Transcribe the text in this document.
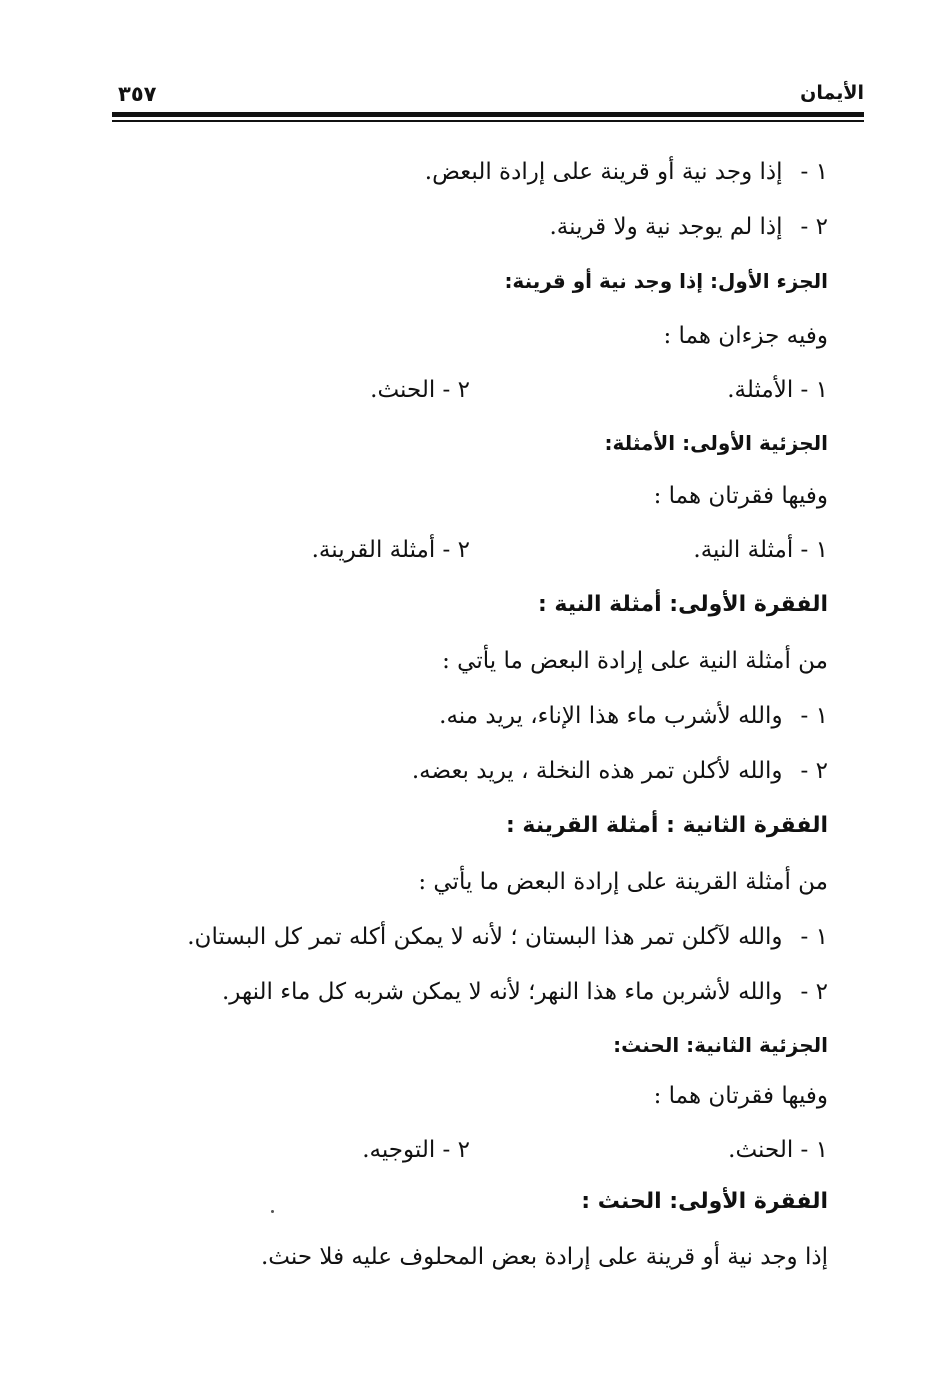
الأيمان
٣٥٧
١ -إذا وجد نية أو قرينة على إرادة البعض.
٢ -إذا لم يوجد نية ولا قرينة.
الجزء الأول: إذا وجد نية أو قرينة:
وفيه جزءان هما :
١ - الأمثلة.
٢ - الحنث.
الجزئية الأولى: الأمثلة:
وفيها فقرتان هما :
١ - أمثلة النية.
٢ - أمثلة القرينة.
الفقرة الأولى: أمثلة النية :
من أمثلة النية على إرادة البعض ما يأتي :
١ -والله لأشرب ماء هذا الإناء، يريد منه.
٢ -والله لأكلن تمر هذه النخلة ، يريد بعضه.
الفقرة الثانية : أمثلة القرينة :
من أمثلة القرينة على إرادة البعض ما يأتي :
١ -والله لآكلن تمر هذا البستان ؛ لأنه لا يمكن أكله تمر كل البستان.
٢ -والله لأشربن ماء هذا النهر؛ لأنه لا يمكن شربه كل ماء النهر.
الجزئية الثانية: الحنث:
وفيها فقرتان هما :
١ - الحنث.
٢ - التوجيه.
الفقرة الأولى: الحنث :
إذا وجد نية أو قرينة على إرادة بعض المحلوف عليه فلا حنث.
